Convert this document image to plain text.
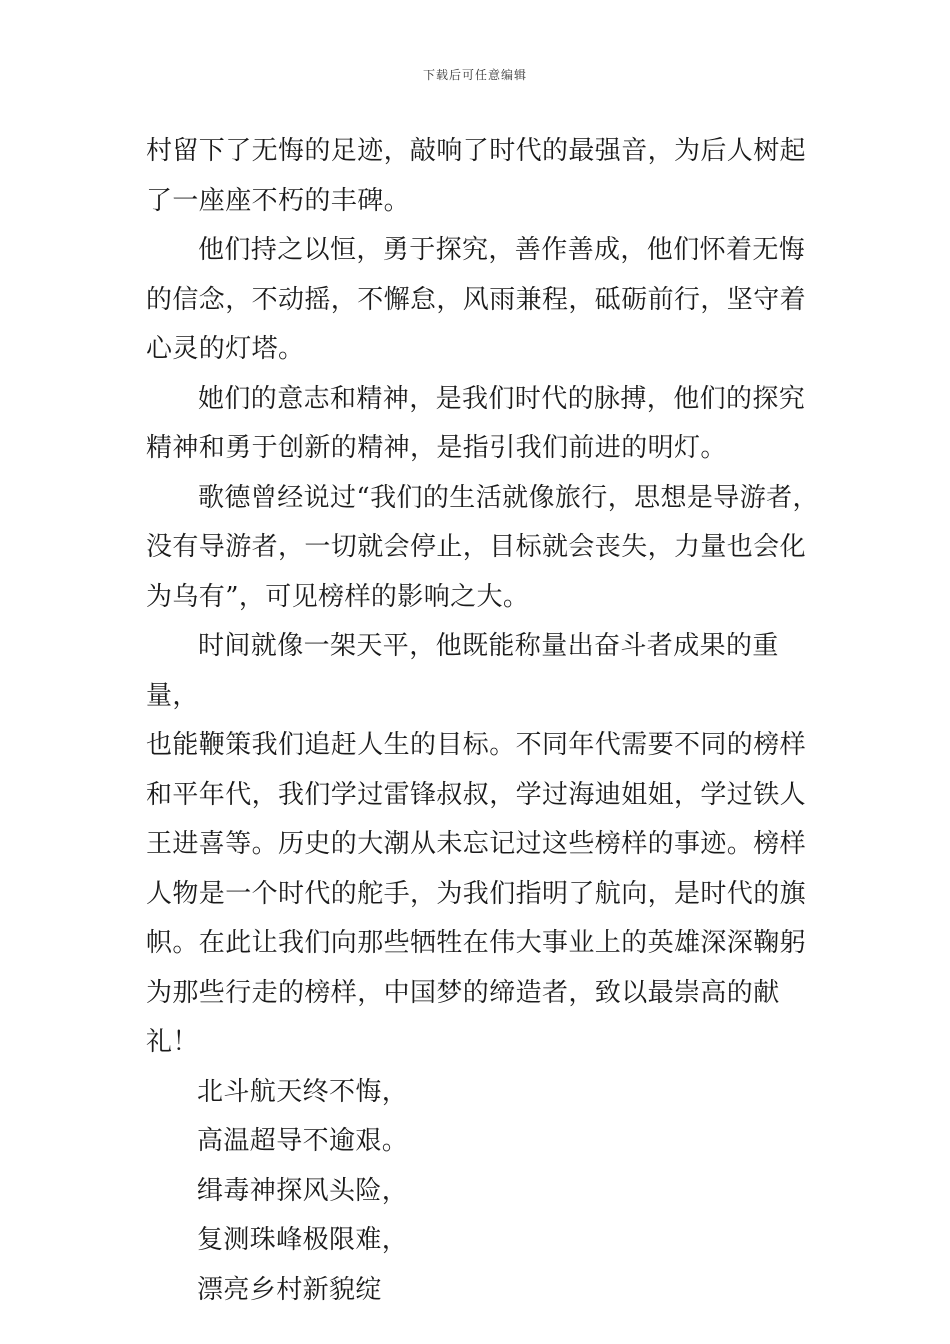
下载后可任意编辑

村留下了无悔的足迹，敲响了时代的最强音，为后人树起
了一座座不朽的丰碑。

他们持之以恒，勇于探究，善作善成，他们怀着无悔
的信念，不动摇，不懈怠，风雨兼程，砥砺前行，坚守着
心灵的灯塔。

她们的意志和精神，是我们时代的脉搏，他们的探究
精神和勇于创新的精神，是指引我们前进的明灯。

歌德曾经说过“我们的生活就像旅行，思想是导游者，
没有导游者，一切就会停止，目标就会丧失，力量也会化
为乌有”，可见榜样的影响之大。

时间就像一架天平，他既能称量出奋斗者成果的重量，
也能鞭策我们追赶人生的目标。不同年代需要不同的榜样
和平年代，我们学过雷锋叔叔，学过海迪姐姐，学过铁人
王进喜等。历史的大潮从未忘记过这些榜样的事迹。榜样
人物是一个时代的舵手，为我们指明了航向，是时代的旗
帜。在此让我们向那些牺牲在伟大事业上的英雄深深鞠躬
为那些行走的榜样，中国梦的缔造者，致以最崇高的献礼！

北斗航天终不悔，

高温超导不逾艰。

缉毒神探风头险，

复测珠峰极限难，

漂亮乡村新貌绽
